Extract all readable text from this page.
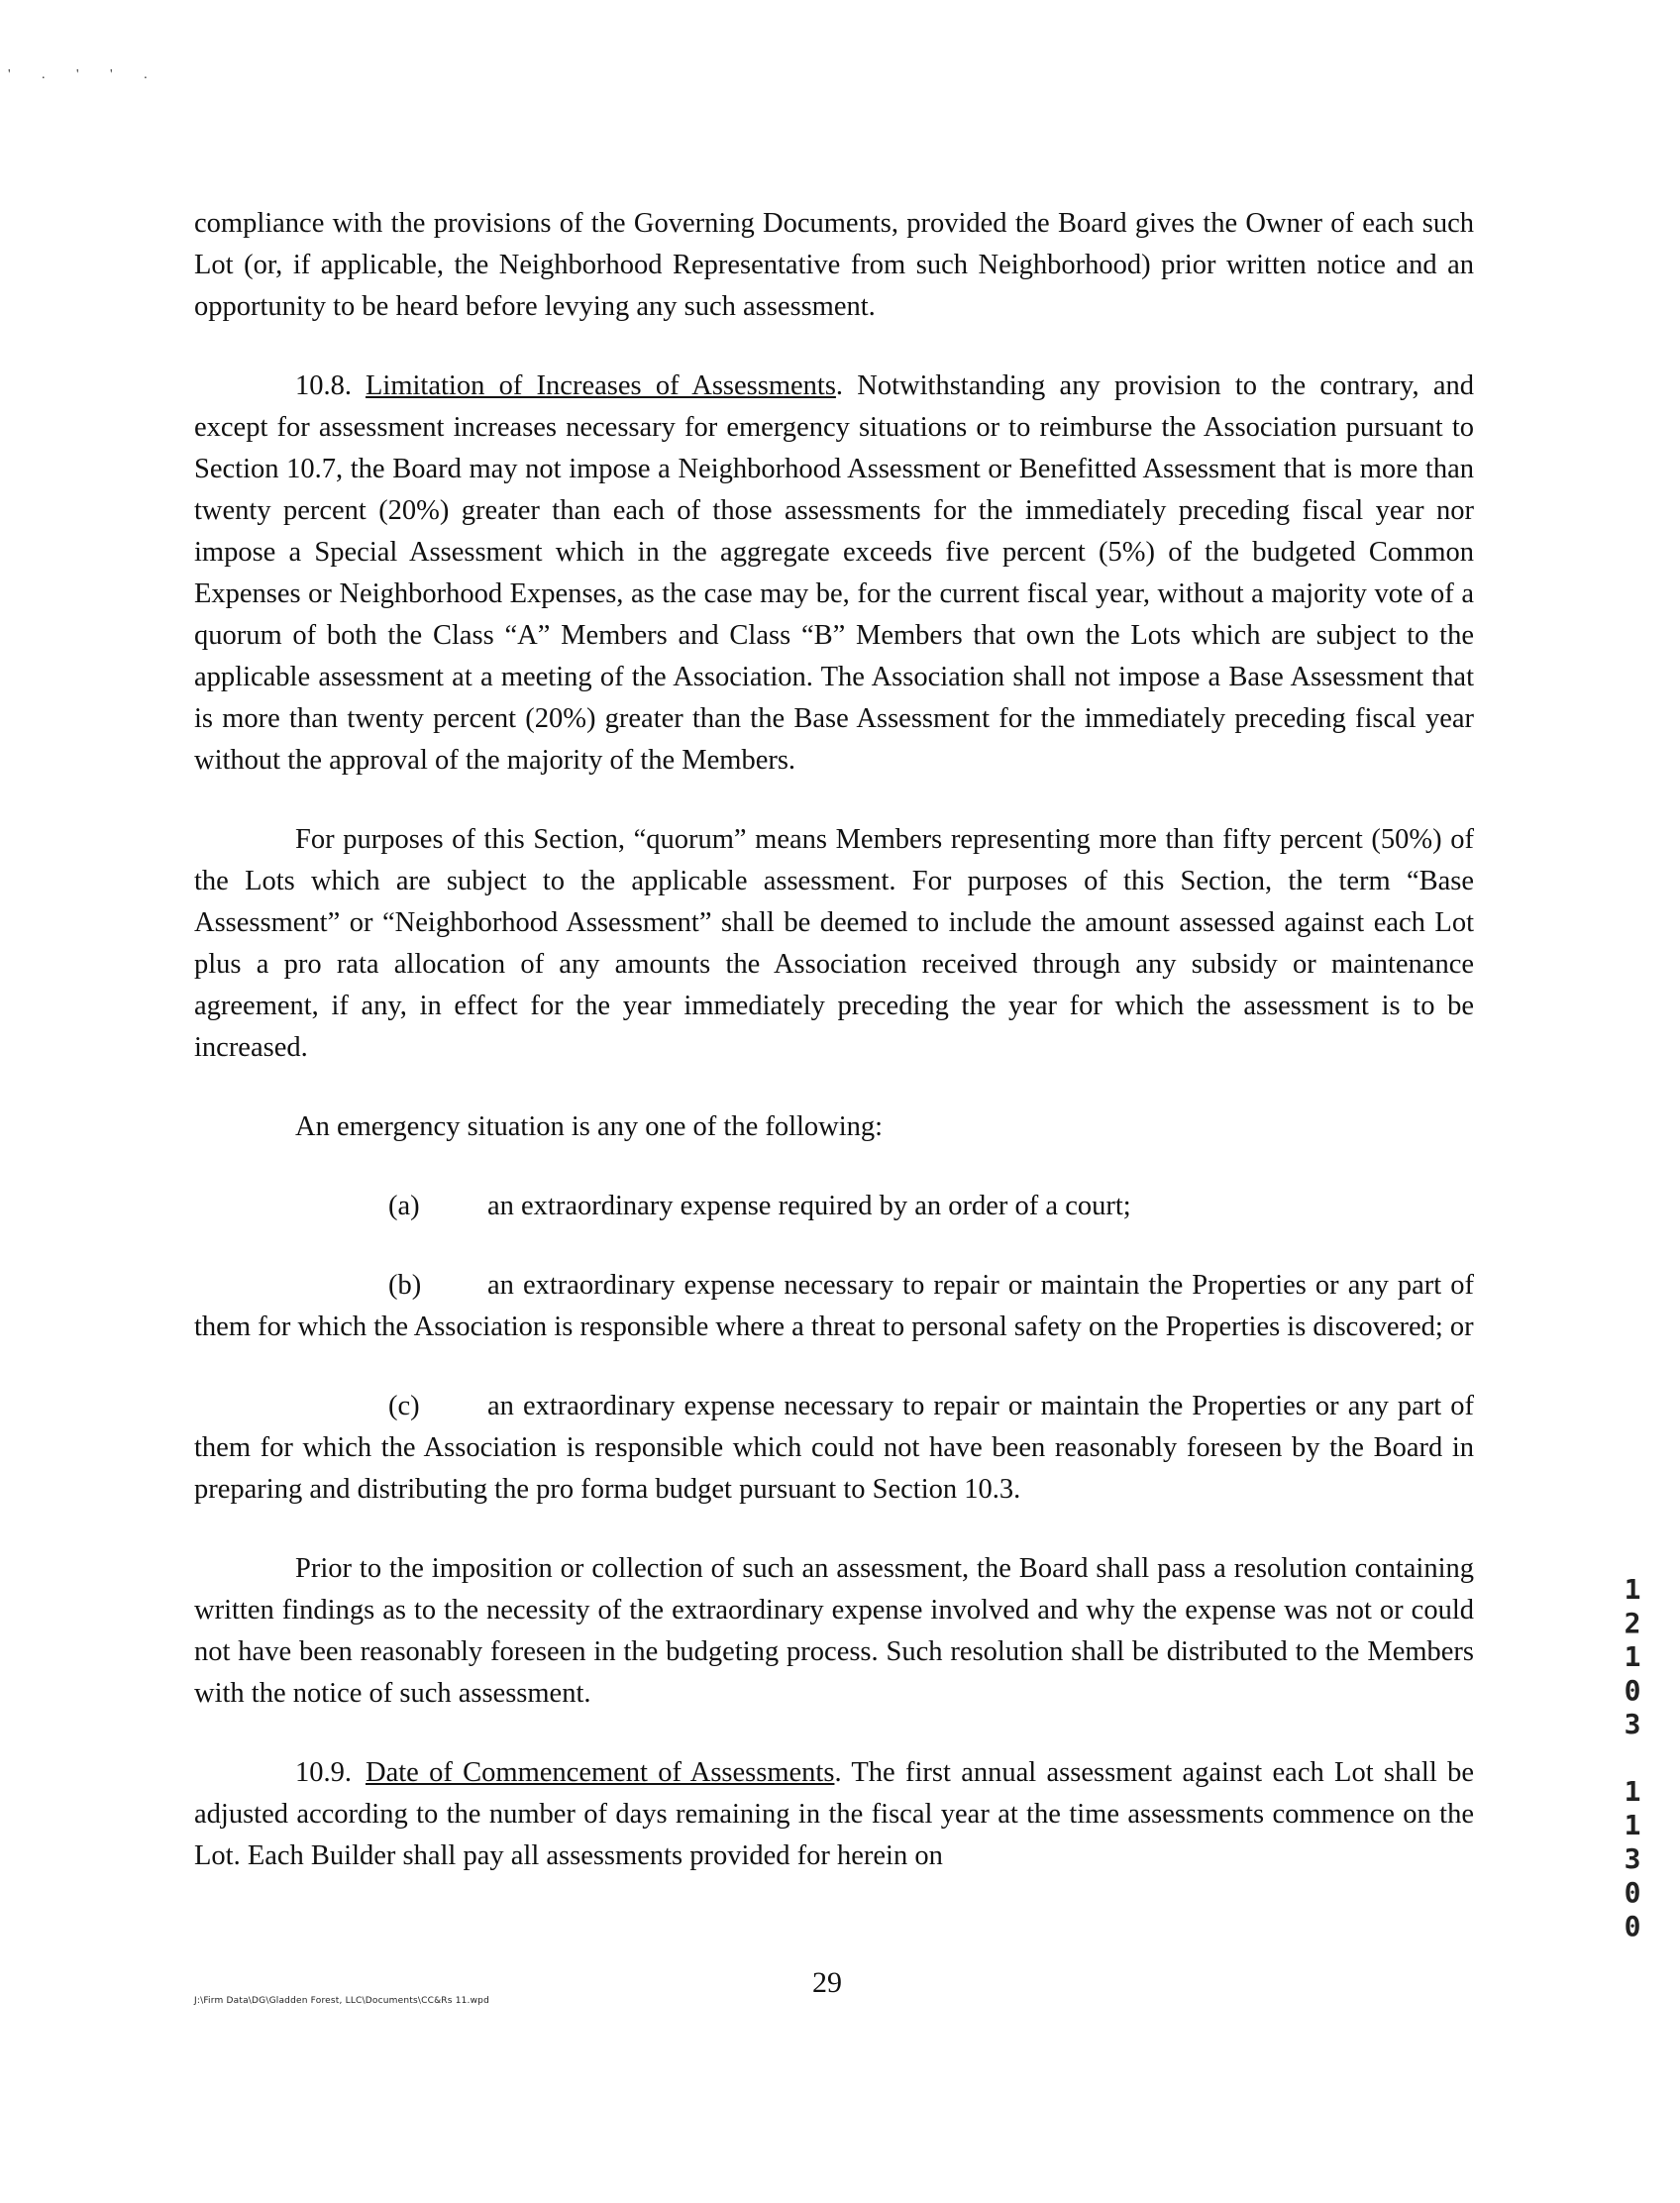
' . ' ' .

compliance with the provisions of the Governing Documents, provided the Board gives the Owner of each such Lot (or, if applicable, the Neighborhood Representative from such Neighborhood) prior written notice and an opportunity to be heard before levying any such assessment.

10.8. Limitation of Increases of Assessments. Notwithstanding any provision to the contrary, and except for assessment increases necessary for emergency situations or to reimburse the Association pursuant to Section 10.7, the Board may not impose a Neighborhood Assessment or Benefitted Assessment that is more than twenty percent (20%) greater than each of those assessments for the immediately preceding fiscal year nor impose a Special Assessment which in the aggregate exceeds five percent (5%) of the budgeted Common Expenses or Neighborhood Expenses, as the case may be, for the current fiscal year, without a majority vote of a quorum of both the Class “A” Members and Class “B” Members that own the Lots which are subject to the applicable assessment at a meeting of the Association. The Association shall not impose a Base Assessment that is more than twenty percent (20%) greater than the Base Assessment for the immediately preceding fiscal year without the approval of the majority of the Members.

For purposes of this Section, “quorum” means Members representing more than fifty percent (50%) of the Lots which are subject to the applicable assessment. For purposes of this Section, the term “Base Assessment” or “Neighborhood Assessment” shall be deemed to include the amount assessed against each Lot plus a pro rata allocation of any amounts the Association received through any subsidy or maintenance agreement, if any, in effect for the year immediately preceding the year for which the assessment is to be increased.

An emergency situation is any one of the following:

(a) an extraordinary expense required by an order of a court;

(b) an extraordinary expense necessary to repair or maintain the Properties or any part of them for which the Association is responsible where a threat to personal safety on the Properties is discovered; or

(c) an extraordinary expense necessary to repair or maintain the Properties or any part of them for which the Association is responsible which could not have been reasonably foreseen by the Board in preparing and distributing the pro forma budget pursuant to Section 10.3.

Prior to the imposition or collection of such an assessment, the Board shall pass a resolution containing written findings as to the necessity of the extraordinary expense involved and why the expense was not or could not have been reasonably foreseen in the budgeting process. Such resolution shall be distributed to the Members with the notice of such assessment.

10.9. Date of Commencement of Assessments. The first annual assessment against each Lot shall be adjusted according to the number of days remaining in the fiscal year at the time assessments commence on the Lot. Each Builder shall pay all assessments provided for herein on

29
J:\Firm Data\DG\Gladden Forest, LLC\Documents\CC&Rs 11.wpd
1
2
1
0
3
1
1
3
0
0
